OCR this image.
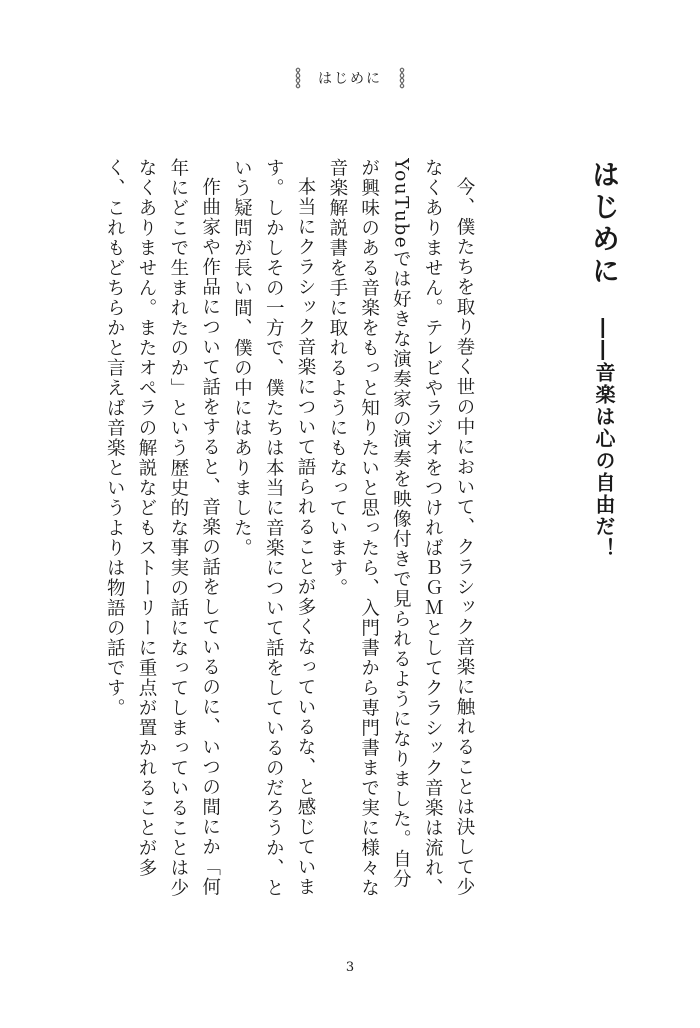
はじめに
はじめに
――音楽は心の自由だ！

今、僕たちを取り巻く世の中において、クラシック音楽に触れることは決して少なくありません。テレビやラジオをつければＢＧＭとしてクラシック音楽は流れ、YouTubeでは好きな演奏家の演奏を映像付きで見られるようになりました。自分が興味のある音楽をもっと知りたいと思ったら、入門書から専門書まで実に様々な音楽解説書を手に取れるようにもなっています。

本当にクラシック音楽について語られることが多くなっているな、と感じています。しかしその一方で、僕たちは本当に音楽について話をしているのだろうか、という疑問が長い間、僕の中にはありました。

作曲家や作品について話をすると、音楽の話をしているのに、いつの間にか「何年にどこで生まれたのか」という歴史的な事実の話になってしまっていることは少なくありません。またオペラの解説などもストーリーに重点が置かれることが多く、これもどちらかと言えば音楽というよりは物語の話です。

3
